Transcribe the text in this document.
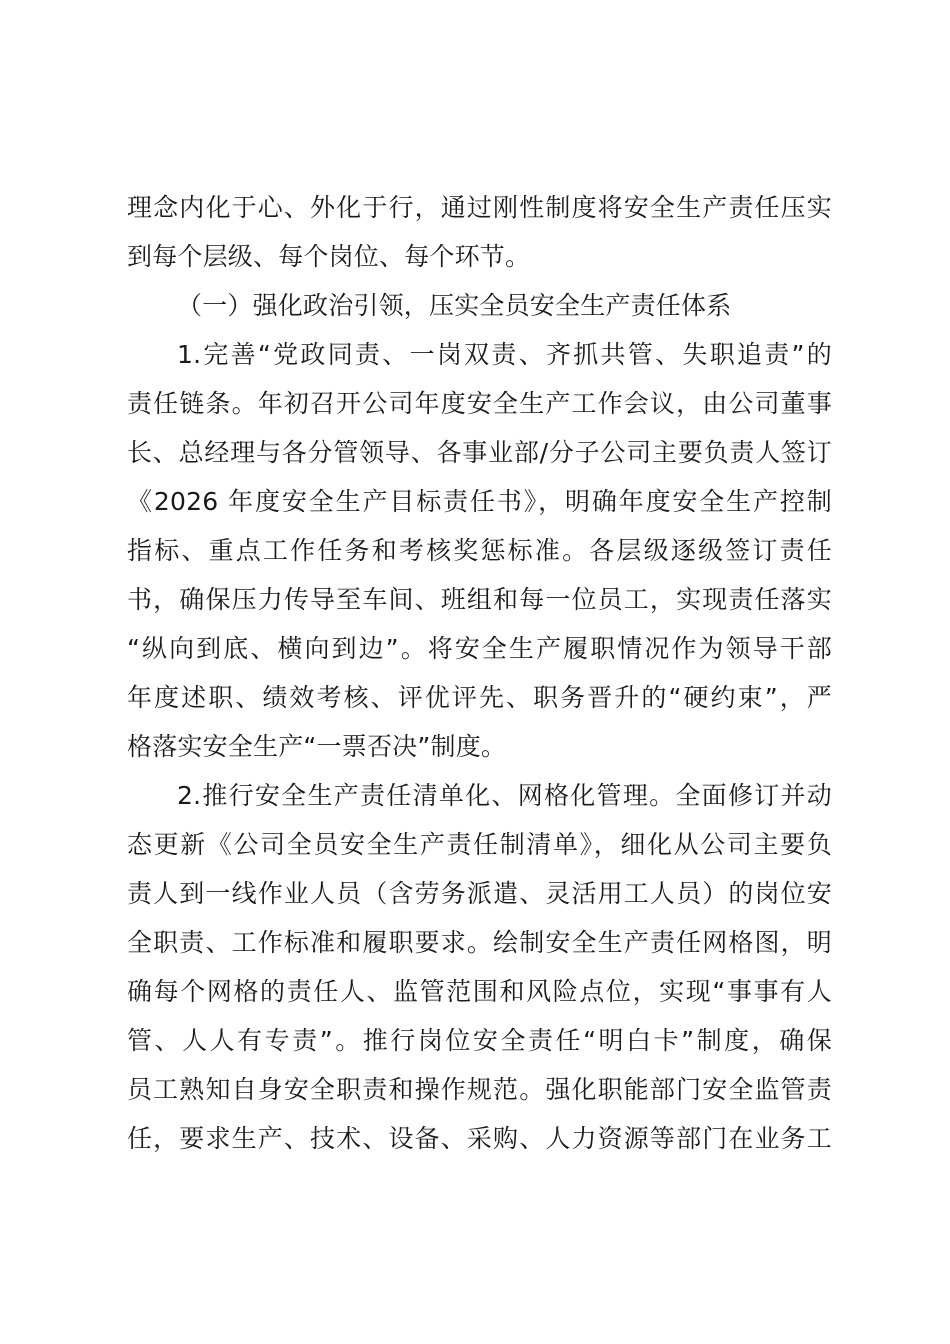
理念内化于心、外化于行，通过刚性制度将安全生产责任压实
到每个层级、每个岗位、每个环节。
（一）强化政治引领，压实全员安全生产责任体系
1.完善“党政同责、一岗双责、齐抓共管、失职追责”的
责任链条。年初召开公司年度安全生产工作会议，由公司董事
长、总经理与各分管领导、各事业部/分子公司主要负责人签订
《2026 年度安全生产目标责任书》，明确年度安全生产控制
指标、重点工作任务和考核奖惩标准。各层级逐级签订责任
书，确保压力传导至车间、班组和每一位员工，实现责任落实
“纵向到底、横向到边”。将安全生产履职情况作为领导干部
年度述职、绩效考核、评优评先、职务晋升的“硬约束”，严
格落实安全生产“一票否决”制度。
2.推行安全生产责任清单化、网格化管理。全面修订并动
态更新《公司全员安全生产责任制清单》，细化从公司主要负
责人到一线作业人员（含劳务派遣、灵活用工人员）的岗位安
全职责、工作标准和履职要求。绘制安全生产责任网格图，明
确每个网格的责任人、监管范围和风险点位，实现“事事有人
管、人人有专责”。推行岗位安全责任“明白卡”制度，确保
员工熟知自身安全职责和操作规范。强化职能部门安全监管责
任，要求生产、技术、设备、采购、人力资源等部门在业务工
